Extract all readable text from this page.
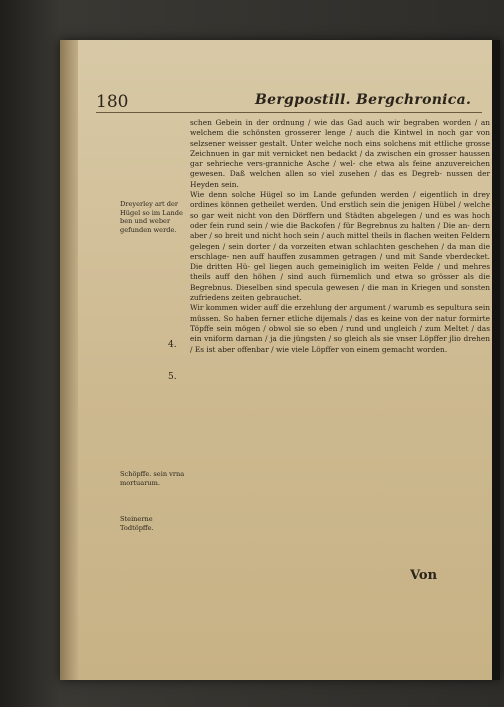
180	Bergpostill. Bergchronica.

schen Gebein in der ordnung / wie das Gad auch wir begraben worden / an welchem die schönsten grosserer lenge / auch die Kintwel in noch gar von selzsener weisser gestalt. Unter welche noch eins solchens mit ettliche grosse Zeichnuen in gar mit vernicket nen bedackt / da zwischen ein grosser haussen gar sehrieche vers-granniche Asche / wel- che etwa als feine anzuvereichen gewesen. Daß welchen allen so viel zusehen / das es Degreb- nussen der Heyden sein.

Wie denn solche Hügel so im Lande gefunden werden / eigentlich in drey ordines können getheilet werden. Und erstlich sein die jenigen Hübel / welche so gar weit nicht von den Dörffern und Städten abgelegen / und es was hoch oder fein rund sein / wie die Backofen / für Begrebnus zu halten / Die an- dern aber / so breit und nicht hoch sein / auch mittel theils in flachen weiten Feldern gelegen / sein dorter / da vorzeiten etwan schlachten geschehen / da man die erschlage- nen auff hauffen zusammen getragen / und mit Sande vberdecket. Die dritten Hü- gel liegen auch gemeiniglich im weiten Felde / und mehres theils auff den höhen / sind auch fürnemlich und etwa so grösser als die Begrebnus. Dieselben sind specula gewesen / die man in Kriegen und sonsten zufriedens zeiten gebrauchet.

Wir kommen wider auff die erzehlung der argument / warumb es sepultura sein müssen. So haben ferner etliche dijemals / das es keine von der natur formirte Töpffe sein mögen / obwol sie so eben / rund und ungleich / zum Meltet / das ein vniform darnan / ja die jüngsten / so gleich als sie vnser Löpffer jlio drehen / Es ist aber offenbar / wie viele Löpffer von einem gemacht worden.

Dreyerley art der Hügel so im Lande ben und weber gefunden werde.
Schöpffe. sein vrna mortuarum.
Steinerne Todtöpffe.
4.
5.
Von
